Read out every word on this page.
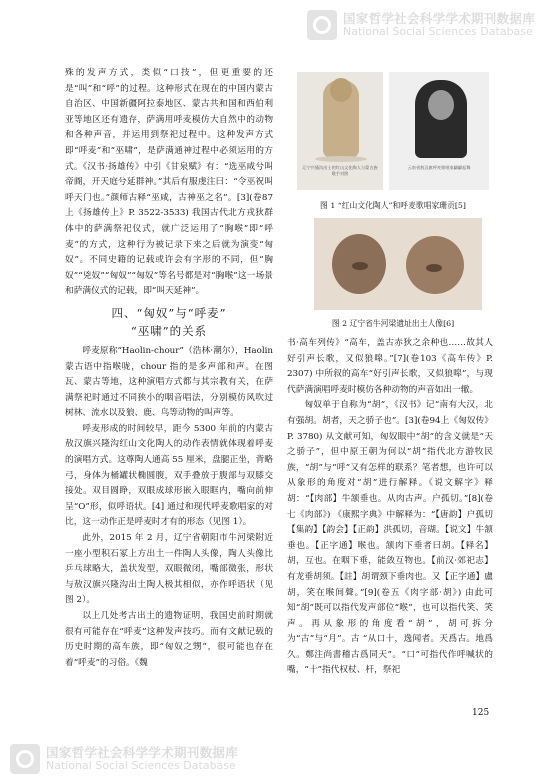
国家哲学社会科学学术期刊数据库
National Social Sciences Database

殊的发声方式，类似“口技”，但更重要的还是“叫”和“呼”的过程。这种形式在现在的中国内蒙古自治区、中国新疆阿拉泰地区、蒙古共和国和西伯利亚等地区还有遗存，萨满用呼麦模仿大自然中的动物和各种声音，并运用到祭祀过程中。这种发声方式即“呼麦”和“巫啸”，是萨满通神过程中必须运用的方式。《汉书·扬雄传》中引《甘泉赋》有：“选巫咸兮叫帝阍，开天庭兮延群神。”其后有服虔注曰：“令巫祝叫呼天门也。”颜师古释“巫咸，古神巫之名”。[3](卷87上《扬雄传上》P. 3522-3533) 我国古代北方戎狄群体中的萨满祭祀仪式，就广泛运用了“胸喉”即“呼麦”的方式，这种行为被记录下来之后就为演变“匈奴”。不同史籍的记载或许会有字形的不同，但“胸奴”“兇奴”“匈奴”“匈奴”等名号都是对“胸喉”这一场景和萨满仪式的记载，即“叫天延神”。

四、“匈奴”与“呼麦”
“巫啸”的关系

呼麦原称“Haolin-chour”（浩林·潮尔），Haolin 蒙古语中指喉咙，chour 指的是多声部和声。在图瓦、蒙古等地，这种演唱方式都与其宗教有关，在萨满祭祀时通过不同狭小的咽音唱法，分别模仿风吹过树林、流水以及狼、鹿、鸟等动物的叫声等。

呼麦形成的时间较早，距今 5300 年前的内蒙古敖汉旗兴隆沟红山文化陶人的动作表情就体现着呼麦的演唱方式。这尊陶人通高 55 厘米，盘腿正坐，背略弓，身体为桶罐状椭圆腹，双手叠放于腹部与双膝交接处。双目圆睁，双眼成球形嵌入眼眶内，嘴向前伸呈“O”形，似呼语状。[4] 通过和现代呼麦歌唱家的对比，这一动作正是呼麦时才有的形态（见图 1）。

此外，2015 年 2 月，辽宁省朝阳市牛河梁附近一座小型积石冢上方出土一件陶人头像，陶人头像比乒乓球略大，盖状发型，双眼微闭，嘴部微张，形状与敖汉旗兴隆沟出土陶人极其相似，亦作呼语状（见图 2）。

以上几处考古出土的遗物证明，我国史前时期就很有可能存在“呼麦”这种发声技巧。而有文献记载的历史时期的高车族，即“匈奴之甥”，很可能也存在着“呼麦”的习俗。《魏

辽宁兴隆沟出土的红山文化陶人与蒙古族歌手对照
云南省敖汉旗呼麦歌唱家翩翩起舞
图 1 “红山文化陶人”和呼麦歌唱家珊贡[5]
图 2 辽宁省牛河梁遗址出土人像[6]

书·高车列传》“高车，盖古赤狄之余种也……故其人好引声长歌，又似狼嗥。”[7](卷103《高车传》P. 2307) 中所叙的高车“好引声长歌，又似狼嗥”，与现代萨满演唱呼麦时模仿各种动物的声音如出一辙。

匈奴单于自称为“胡”，《汉书》记“南有大汉，北有强胡。胡者，天之骄子也”。[3](卷94上《匈奴传》P. 3780) 从文献可知，匈奴眼中“胡”的含义就是“天之骄子”，但中原王朝为何以“胡”指代北方游牧民族，“胡”与“呼”又有怎样的联系？笔者想，也许可以从象形的角度对“胡”进行解释。《说文解字》释胡：“【肉部】牛颔垂也。从肉古声。户孤切。”[8](卷七《肉部》) 《康熙字典》中解释为：“【唐韵】户孤切【集韵】【韵会】【正韵】洪孤切，音瑚。【说文】牛颔垂也。【正字通】喉也。颔肉下垂者曰胡。【释名】胡，互也。在咽下垂，能敛互物也。【前汉·郊祀志】有龙垂胡须。【註】胡谓颈下垂肉也。又【正字通】盧胡，笑在喉间聲。”[9](卷五《肉字部·胡》) 由此可知“胡”既可以指代发声部位“喉”，也可以指代笑、笑声。再从象形的角度看“胡”，胡可拆分为“古”与“月”。古 “从口十，逸闻者。天爲古。地爲久。鄭注尚書稽古爲同天”。“口”可指代作呼喊状的嘴，“十”指代权杖、杆，祭祀

125
国家哲学社会科学学术期刊数据库
National Social Sciences Database
